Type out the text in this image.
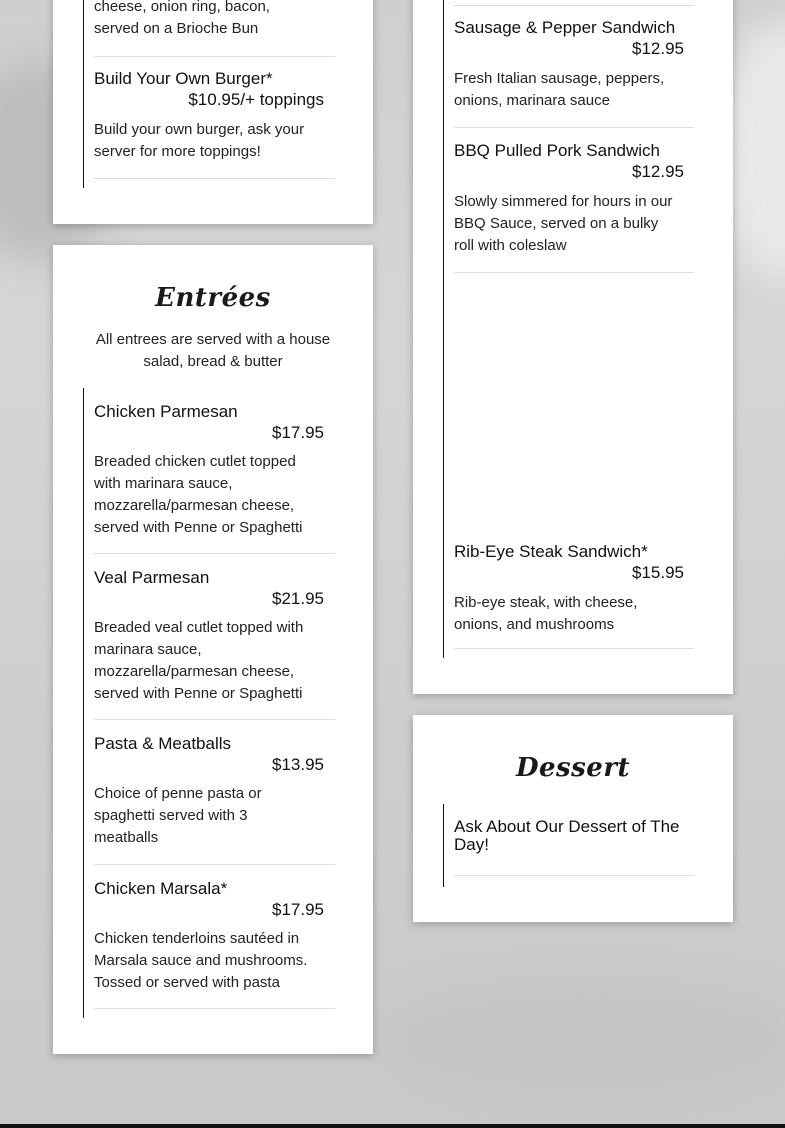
cheese, onion ring, bacon, served on a Brioche Bun
Build Your Own Burger*
$10.95/+ toppings
Build your own burger, ask your server for more toppings!
Entrées
All entrees are served with a house salad, bread & butter
Chicken Parmesan
$17.95
Breaded chicken cutlet topped with marinara sauce, mozzarella/parmesan cheese, served with Penne or Spaghetti
Veal Parmesan
$21.95
Breaded veal cutlet topped with marinara sauce, mozzarella/parmesan cheese, served with Penne or Spaghetti
Pasta & Meatballs
$13.95
Choice of penne pasta or spaghetti served with 3 meatballs
Chicken Marsala*
$17.95
Chicken tenderloins sautéed in Marsala sauce and mushrooms. Tossed or served with pasta
Sausage & Pepper Sandwich
$12.95
Fresh Italian sausage, peppers, onions, marinara sauce
BBQ Pulled Pork Sandwich
$12.95
Slowly simmered for hours in our BBQ Sauce, served on a bulky roll with coleslaw
Rib-Eye Steak Sandwich*
$15.95
Rib-eye steak, with cheese, onions, and mushrooms
Dessert
Ask About Our Dessert of The Day!
